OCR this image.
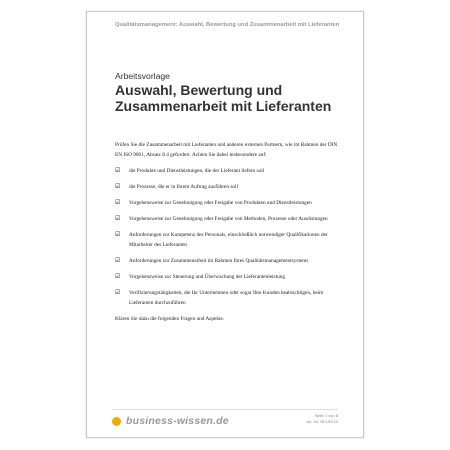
Qualitätsmanagement: Auswahl, Bewertung und Zusammenarbeit mit Lieferanten
Arbeitsvorlage
Auswahl, Bewertung und Zusammenarbeit mit Lieferanten

Prüfen Sie die Zusammenarbeit mit Lieferanten und anderen externen Partnern, wie im Rahmen der DIN EN ISO 9001, Absatz 8.4 gefordert. Achten Sie dabei insbesondere auf:

☑ die Produkte und Dienstleistungen, die der Lieferant liefern soll
☑ die Prozesse, die er in Ihrem Auftrag ausführen soll
☑ Vorgehensweise zur Genehmigung oder Freigabe von Produkten und Dienstleistungen
☑ Vorgehensweise zur Genehmigung oder Freigabe von Methoden, Prozesse oder Ausrüstungen
☑ Anforderungen zur Kompetenz des Personals, einschließlich notwendiger Qualifikationen der Mitarbeiter des Lieferanten
☑ Anforderungen zur Zusammenarbeit im Rahmen Ihres Qualitätsmanagementsystems
☑ Vorgehensweise zur Steuerung und Überwachung der Lieferantenleistung
☑ Verifizierungstätigkeiten, die Ihr Unternehmen oder sogar Ihre Kunden beabsichtigen, beim Lieferanten durchzuführen

Klären Sie dazu die folgenden Fragen und Aspekte.

business-wissen.de	Seite 1 von 8
Art.-Nr. 98.159.03
